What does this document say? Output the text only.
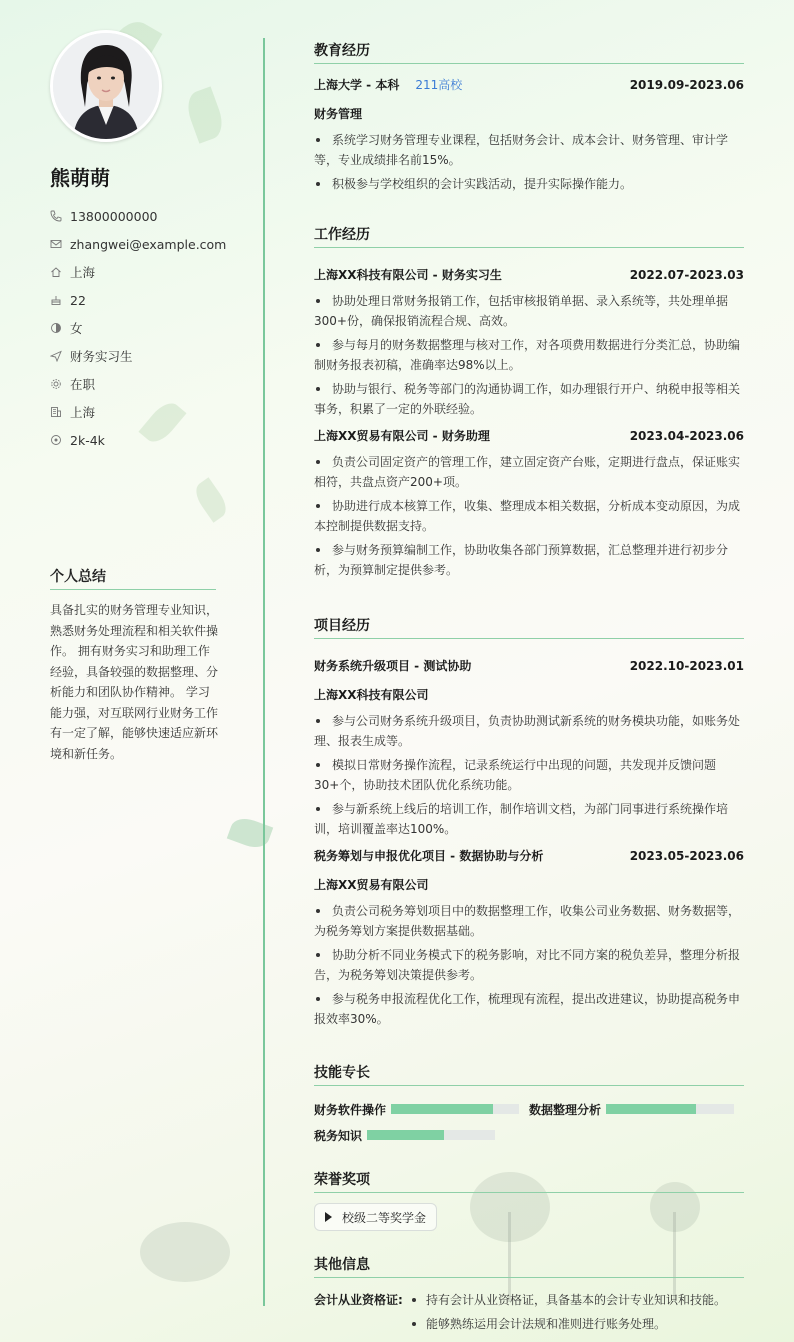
熊萌萌
13800000000
zhangwei@example.com
上海
22
女
财务实习生
在职
上海
2k-4k
个人总结
具备扎实的财务管理专业知识，熟悉财务处理流程和相关软件操作。 拥有财务实习和助理工作经验，具备较强的数据整理、分析能力和团队协作精神。 学习能力强，对互联网行业财务工作有一定了解，能够快速适应新环境和新任务。
教育经历
上海大学 - 本科 211高校	2019.09-2023.06
财务管理
系统学习财务管理专业课程，包括财务会计、成本会计、财务管理、审计学等，专业成绩排名前15%。
积极参与学校组织的会计实践活动，提升实际操作能力。
工作经历
上海XX科技有限公司 - 财务实习生	2022.07-2023.03
协助处理日常财务报销工作，包括审核报销单据、录入系统等，共处理单据300+份，确保报销流程合规、高效。
参与每月的财务数据整理与核对工作，对各项费用数据进行分类汇总，协助编制财务报表初稿，准确率达98%以上。
协助与银行、税务等部门的沟通协调工作，如办理银行开户、纳税申报等相关事务，积累了一定的外联经验。
上海XX贸易有限公司 - 财务助理	2023.04-2023.06
负责公司固定资产的管理工作，建立固定资产台账，定期进行盘点，保证账实相符，共盘点资产200+项。
协助进行成本核算工作，收集、整理成本相关数据，分析成本变动原因，为成本控制提供数据支持。
参与财务预算编制工作，协助收集各部门预算数据，汇总整理并进行初步分析，为预算制定提供参考。
项目经历
财务系统升级项目 - 测试协助	2022.10-2023.01
上海XX科技有限公司
参与公司财务系统升级项目，负责协助测试新系统的财务模块功能，如账务处理、报表生成等。
模拟日常财务操作流程，记录系统运行中出现的问题，共发现并反馈问题30+个，协助技术团队优化系统功能。
参与新系统上线后的培训工作，制作培训文档，为部门同事进行系统操作培训，培训覆盖率达100%。
税务筹划与申报优化项目 - 数据协助与分析	2023.05-2023.06
上海XX贸易有限公司
负责公司税务筹划项目中的数据整理工作，收集公司业务数据、财务数据等，为税务筹划方案提供数据基础。
协助分析不同业务模式下的税务影响，对比不同方案的税负差异，整理分析报告，为税务筹划决策提供参考。
参与税务申报流程优化工作，梳理现有流程，提出改进建议，协助提高税务申报效率30%。
技能专长
财务软件操作	数据整理分析
税务知识
荣誉奖项
校级二等奖学金
其他信息
会计从业资格证:	持有会计从业资格证，具备基本的会计专业知识和技能。
能够熟练运用会计法规和准则进行账务处理。
